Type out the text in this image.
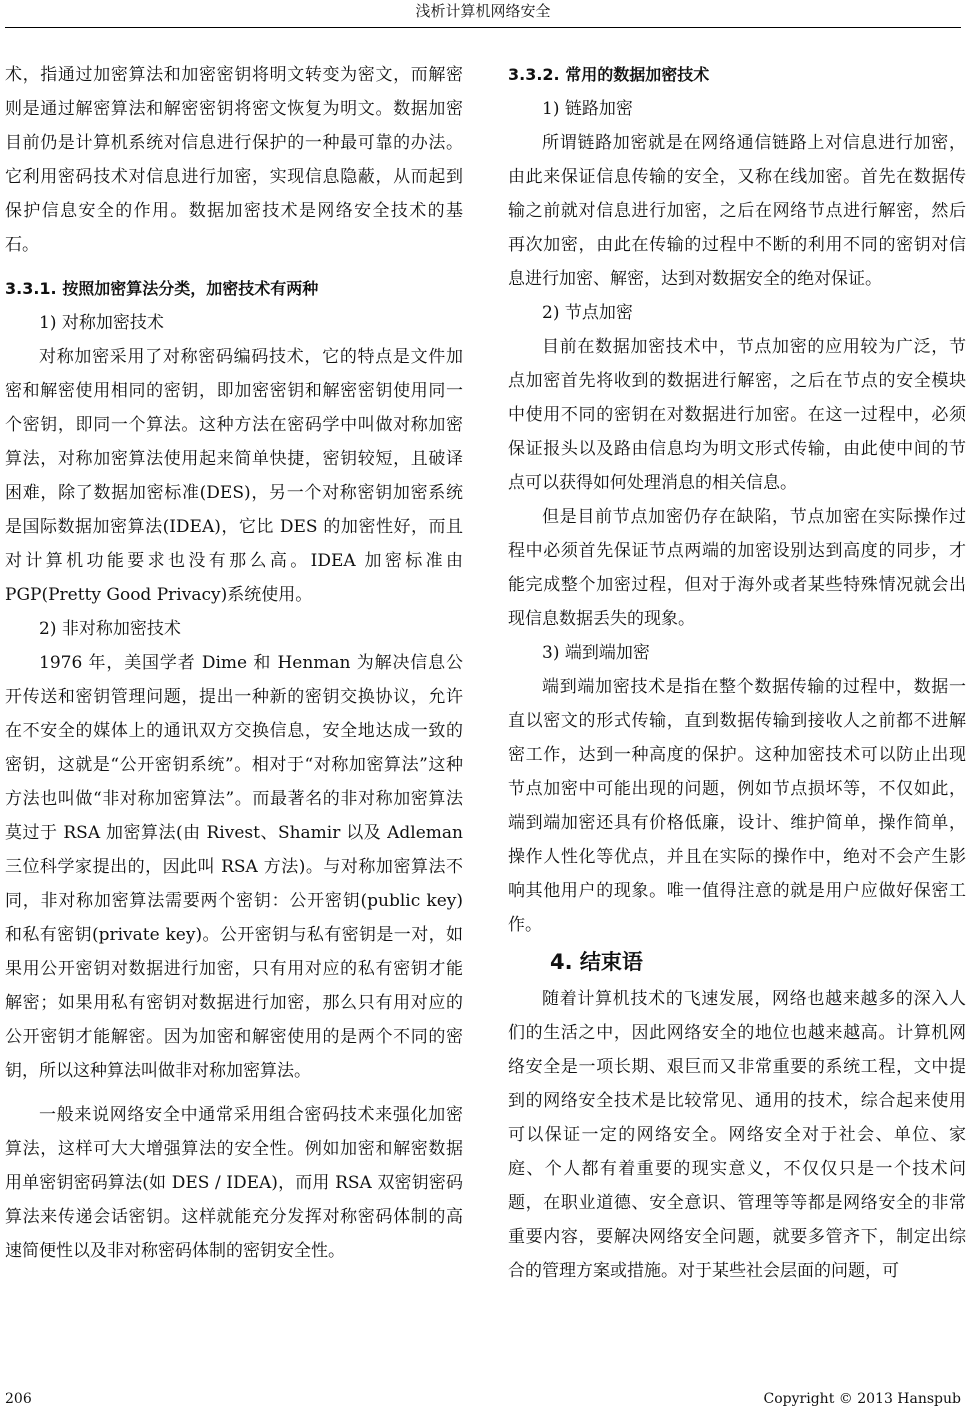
浅析计算机网络安全

术，指通过加密算法和加密密钥将明文转变为密文，而解密则是通过解密算法和解密密钥将密文恢复为明文。数据加密目前仍是计算机系统对信息进行保护的一种最可靠的办法。它利用密码技术对信息进行加密，实现信息隐蔽，从而起到保护信息安全的作用。数据加密技术是网络安全技术的基石。

3.3.1. 按照加密算法分类，加密技术有两种

1) 对称加密技术

对称加密采用了对称密码编码技术，它的特点是文件加密和解密使用相同的密钥，即加密密钥和解密密钥使用同一个密钥，即同一个算法。这种方法在密码学中叫做对称加密算法，对称加密算法使用起来简单快捷，密钥较短，且破译困难，除了数据加密标准(DES)，另一个对称密钥加密系统是国际数据加密算法(IDEA)，它比 DES 的加密性好，而且对计算机功能要求也没有那么高。IDEA 加密标准由 PGP(Pretty Good Privacy)系统使用。

2) 非对称加密技术

1976 年，美国学者 Dime 和 Henman 为解决信息公开传送和密钥管理问题，提出一种新的密钥交换协议，允许在不安全的媒体上的通讯双方交换信息，安全地达成一致的密钥，这就是“公开密钥系统”。相对于“对称加密算法”这种方法也叫做“非对称加密算法”。而最著名的非对称加密算法莫过于 RSA 加密算法(由 Rivest、Shamir 以及 Adleman 三位科学家提出的，因此叫 RSA 方法)。与对称加密算法不同，非对称加密算法需要两个密钥：公开密钥(public key)和私有密钥(private key)。公开密钥与私有密钥是一对，如果用公开密钥对数据进行加密，只有用对应的私有密钥才能解密；如果用私有密钥对数据进行加密，那么只有用对应的公开密钥才能解密。因为加密和解密使用的是两个不同的密钥，所以这种算法叫做非对称加密算法。

一般来说网络安全中通常采用组合密码技术来强化加密算法，这样可大大增强算法的安全性。例如加密和解密数据用单密钥密码算法(如 DES / IDEA)，而用 RSA 双密钥密码算法来传递会话密钥。这样就能充分发挥对称密码体制的高速简便性以及非对称密码体制的密钥安全性。

3.3.2. 常用的数据加密技术

1) 链路加密

所谓链路加密就是在网络通信链路上对信息进行加密，由此来保证信息传输的安全，又称在线加密。首先在数据传输之前就对信息进行加密，之后在网络节点进行解密，然后再次加密，由此在传输的过程中不断的利用不同的密钥对信息进行加密、解密，达到对数据安全的绝对保证。

2) 节点加密

目前在数据加密技术中，节点加密的应用较为广泛，节点加密首先将收到的数据进行解密，之后在节点的安全模块中使用不同的密钥在对数据进行加密。在这一过程中，必须保证报头以及路由信息均为明文形式传输，由此使中间的节点可以获得如何处理消息的相关信息。

但是目前节点加密仍存在缺陷，节点加密在实际操作过程中必须首先保证节点两端的加密设别达到高度的同步，才能完成整个加密过程，但对于海外或者某些特殊情况就会出现信息数据丢失的现象。

3) 端到端加密

端到端加密技术是指在整个数据传输的过程中，数据一直以密文的形式传输，直到数据传输到接收人之前都不进解密工作，达到一种高度的保护。这种加密技术可以防止出现节点加密中可能出现的问题，例如节点损坏等，不仅如此，端到端加密还具有价格低廉，设计、维护简单，操作简单，操作人性化等优点，并且在实际的操作中，绝对不会产生影响其他用户的现象。唯一值得注意的就是用户应做好保密工作。

4. 结束语

随着计算机技术的飞速发展，网络也越来越多的深入人们的生活之中，因此网络安全的地位也越来越高。计算机网络安全是一项长期、艰巨而又非常重要的系统工程，文中提到的网络安全技术是比较常见、通用的技术，综合起来使用可以保证一定的网络安全。网络安全对于社会、单位、家庭、个人都有着重要的现实意义，不仅仅只是一个技术问题，在职业道德、安全意识、管理等等都是网络安全的非常重要内容，要解决网络安全问题，就要多管齐下，制定出综合的管理方案或措施。对于某些社会层面的问题，可

206	Copyright © 2013 Hanspub
